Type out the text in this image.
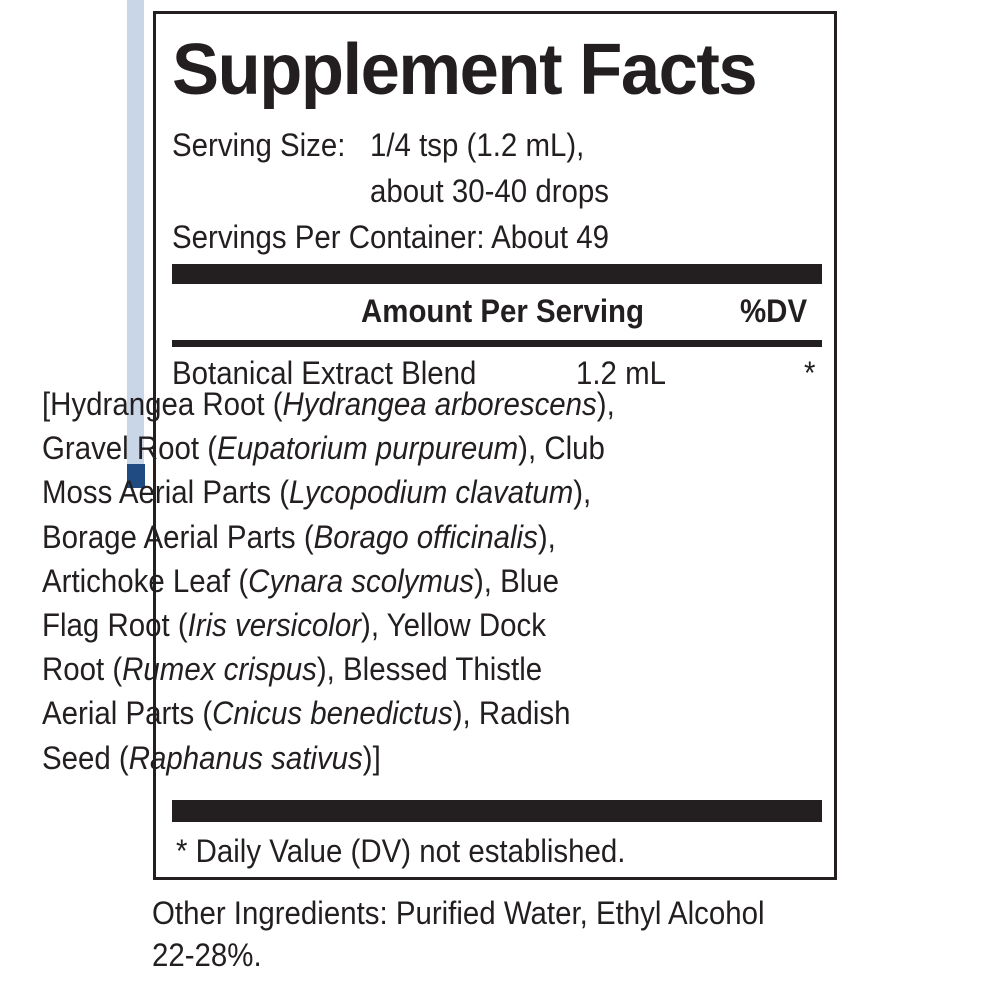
Supplement Facts
Serving Size: 1/4 tsp (1.2 mL),
about 30-40 drops
Servings Per Container: About 49
Amount Per Serving	%DV
Botanical Extract Blend	1.2 mL	*
* Daily Value (DV) not established.
[Hydrangea Root (Hydrangea arborescens),
Gravel Root (Eupatorium purpureum), Club
Moss Aerial Parts (Lycopodium clavatum),
Borage Aerial Parts (Borago officinalis),
Artichoke Leaf (Cynara scolymus), Blue
Flag Root (Iris versicolor), Yellow Dock
Root (Rumex crispus), Blessed Thistle
Aerial Parts (Cnicus benedictus), Radish
Seed (Raphanus sativus)]
Other Ingredients: Purified Water, Ethyl Alcohol
22-28%.
